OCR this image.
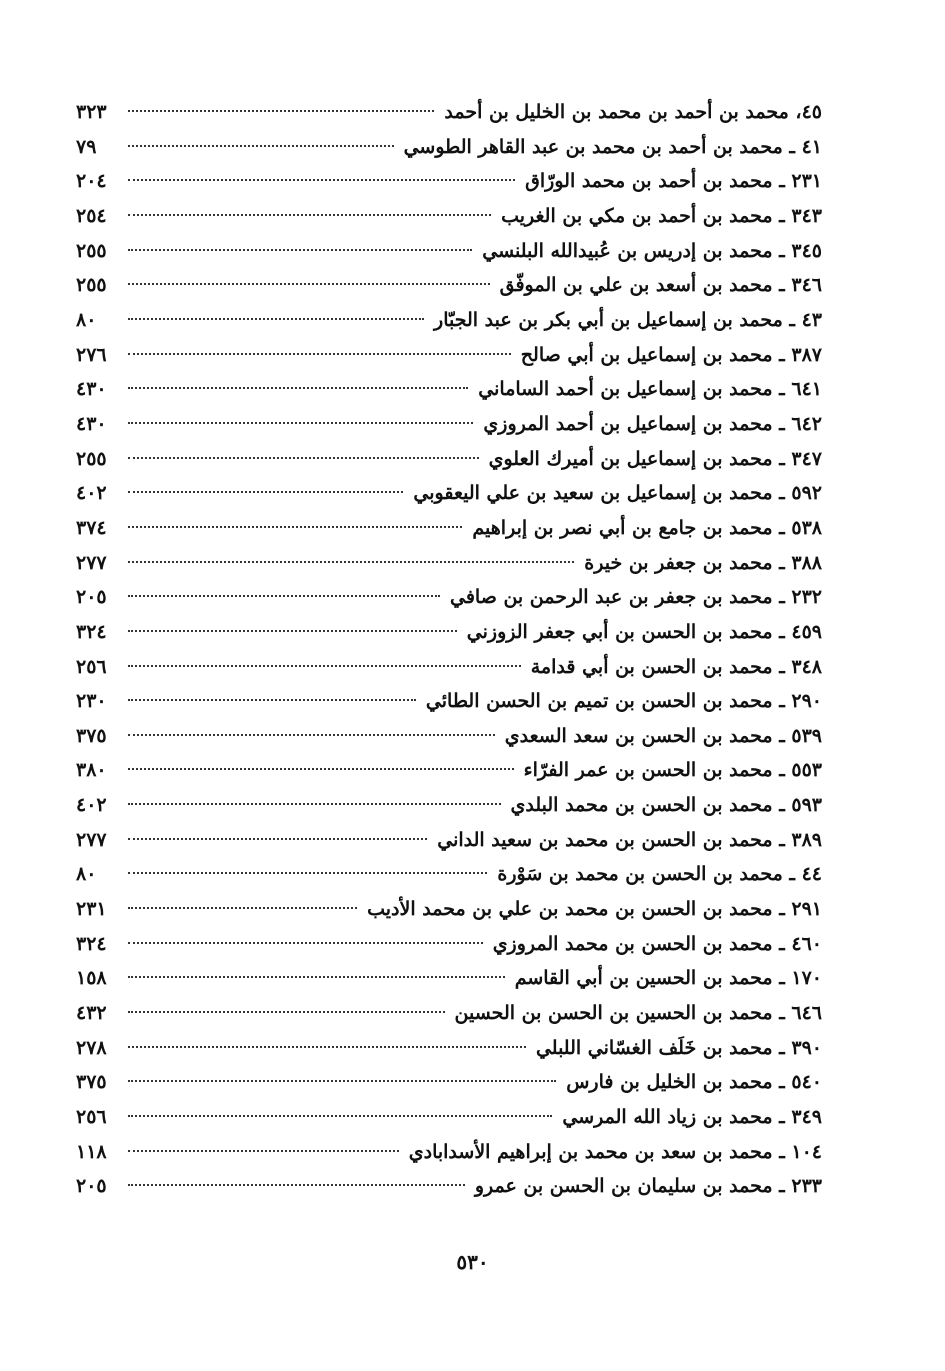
٤٥، محمد بن أحمد بن محمد بن الخليل بن أحمد
٣٢٣
٤١ ـ محمد بن أحمد بن محمد بن عبد القاهر الطوسي
٧٩
٢٣١ ـ محمد بن أحمد بن محمد الورّاق
٢٠٤
٣٤٣ ـ محمد بن أحمد بن مكي بن الغريب
٢٥٤
٣٤٥ ـ محمد بن إدريس بن عُبيدالله البلنسي
٢٥٥
٣٤٦ ـ محمد بن أسعد بن علي بن الموفّق
٢٥٥
٤٣ ـ محمد بن إسماعيل بن أبي بكر بن عبد الجبّار
٨٠
٣٨٧ ـ محمد بن إسماعيل بن أبي صالح
٢٧٦
٦٤١ ـ محمد بن إسماعيل بن أحمد الساماني
٤٣٠
٦٤٢ ـ محمد بن إسماعيل بن أحمد المروزي
٤٣٠
٣٤٧ ـ محمد بن إسماعيل بن أميرك العلوي
٢٥٥
٥٩٢ ـ محمد بن إسماعيل بن سعيد بن علي اليعقوبي
٤٠٢
٥٣٨ ـ محمد بن جامع بن أبي نصر بن إبراهيم
٣٧٤
٣٨٨ ـ محمد بن جعفر بن خيرة
٢٧٧
٢٣٢ ـ محمد بن جعفر بن عبد الرحمن بن صافي
٢٠٥
٤٥٩ ـ محمد بن الحسن بن أبي جعفر الزوزني
٣٢٤
٣٤٨ ـ محمد بن الحسن بن أبي قدامة
٢٥٦
٢٩٠ ـ محمد بن الحسن بن تميم بن الحسن الطائي
٢٣٠
٥٣٩ ـ محمد بن الحسن بن سعد السعدي
٣٧٥
٥٥٣ ـ محمد بن الحسن بن عمر الفرّاء
٣٨٠
٥٩٣ ـ محمد بن الحسن بن محمد البلدي
٤٠٢
٣٨٩ ـ محمد بن الحسن بن محمد بن سعيد الداني
٢٧٧
٤٤ ـ محمد بن الحسن بن محمد بن سَوْرة
٨٠
٢٩١ ـ محمد بن الحسن بن محمد بن علي بن محمد الأديب
٢٣١
٤٦٠ ـ محمد بن الحسن بن محمد المروزي
٣٢٤
١٧٠ ـ محمد بن الحسين بن أبي القاسم
١٥٨
٦٤٦ ـ محمد بن الحسين بن الحسن بن الحسين
٤٣٢
٣٩٠ ـ محمد بن خَلَف الغسّاني اللبلي
٢٧٨
٥٤٠ ـ محمد بن الخليل بن فارس
٣٧٥
٣٤٩ ـ محمد بن زياد الله المرسي
٢٥٦
١٠٤ ـ محمد بن سعد بن محمد بن إبراهيم الأسدابادي
١١٨
٢٣٣ ـ محمد بن سليمان بن الحسن بن عمرو
٢٠٥
٥٣٠
